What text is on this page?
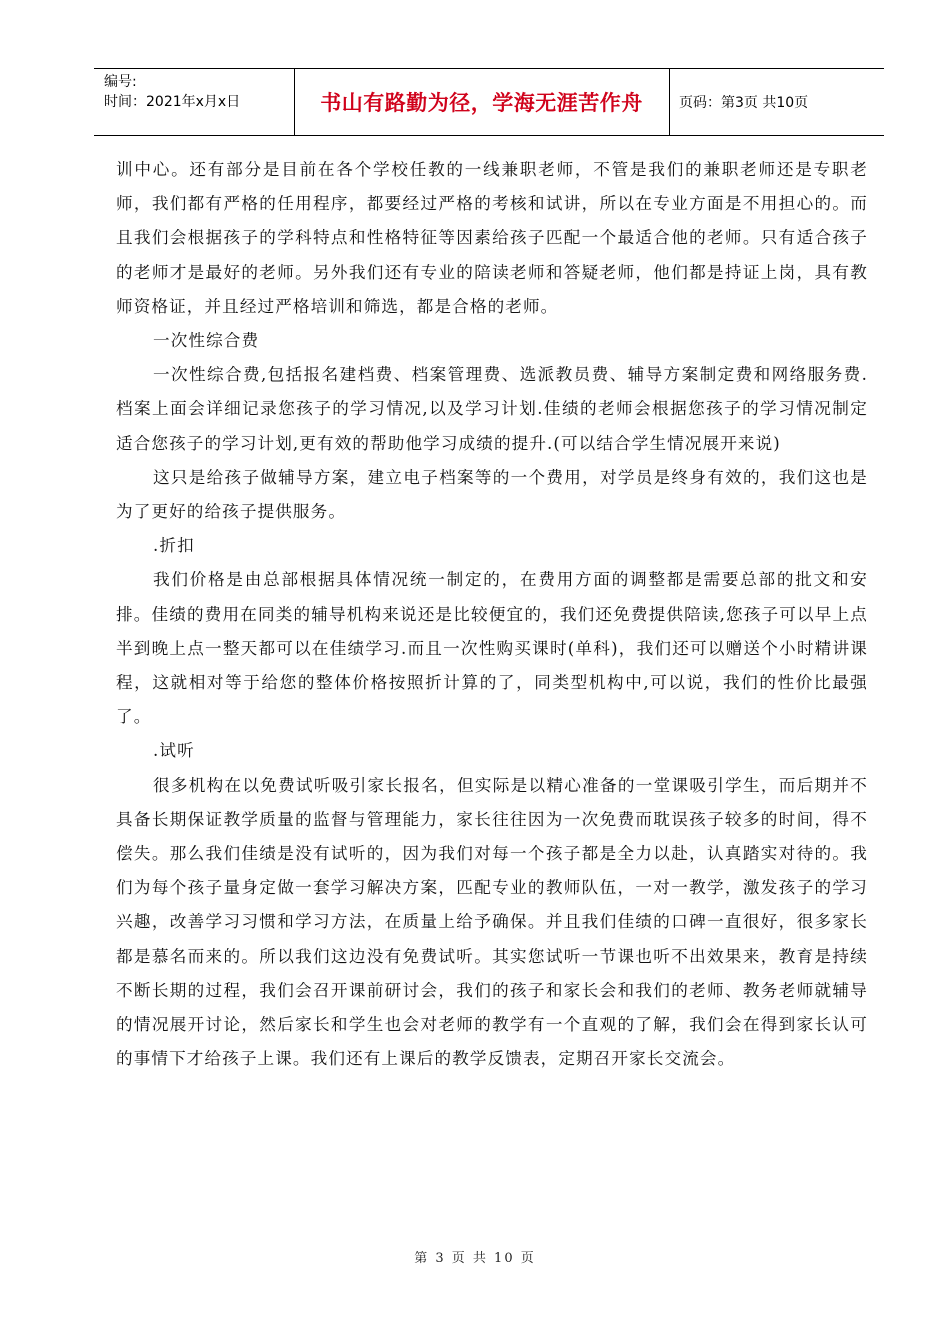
编号:
时间：2021年x月x日	书山有路勤为径，学海无涯苦作舟	页码：第3页 共10页

训中心。还有部分是目前在各个学校任教的一线兼职老师，不管是我们的兼职老师还是专职老师，我们都有严格的任用程序，都要经过严格的考核和试讲，所以在专业方面是不用担心的。而且我们会根据孩子的学科特点和性格特征等因素给孩子匹配一个最适合他的老师。只有适合孩子的老师才是最好的老师。另外我们还有专业的陪读老师和答疑老师，他们都是持证上岗，具有教师资格证，并且经过严格培训和筛选，都是合格的老师。

一次性综合费

一次性综合费,包括报名建档费、档案管理费、选派教员费、辅导方案制定费和网络服务费.档案上面会详细记录您孩子的学习情况,以及学习计划.佳绩的老师会根据您孩子的学习情况制定适合您孩子的学习计划,更有效的帮助他学习成绩的提升.(可以结合学生情况展开来说)

这只是给孩子做辅导方案，建立电子档案等的一个费用，对学员是终身有效的，我们这也是为了更好的给孩子提供服务。

.折扣

我们价格是由总部根据具体情况统一制定的，在费用方面的调整都是需要总部的批文和安排。佳绩的费用在同类的辅导机构来说还是比较便宜的，我们还免费提供陪读,您孩子可以早上点半到晚上点一整天都可以在佳绩学习.而且一次性购买课时(单科)，我们还可以赠送个小时精讲课程，这就相对等于给您的整体价格按照折计算的了，同类型机构中,可以说，我们的性价比最强了。

.试听

很多机构在以免费试听吸引家长报名，但实际是以精心准备的一堂课吸引学生，而后期并不具备长期保证教学质量的监督与管理能力，家长往往因为一次免费而耽误孩子较多的时间，得不偿失。那么我们佳绩是没有试听的，因为我们对每一个孩子都是全力以赴，认真踏实对待的。我们为每个孩子量身定做一套学习解决方案，匹配专业的教师队伍，一对一教学，激发孩子的学习兴趣，改善学习习惯和学习方法，在质量上给予确保。并且我们佳绩的口碑一直很好，很多家长都是慕名而来的。所以我们这边没有免费试听。其实您试听一节课也听不出效果来，教育是持续不断长期的过程，我们会召开课前研讨会，我们的孩子和家长会和我们的老师、教务老师就辅导的情况展开讨论，然后家长和学生也会对老师的教学有一个直观的了解，我们会在得到家长认可的事情下才给孩子上课。我们还有上课后的教学反馈表，定期召开家长交流会。

第 3 页 共 10 页
